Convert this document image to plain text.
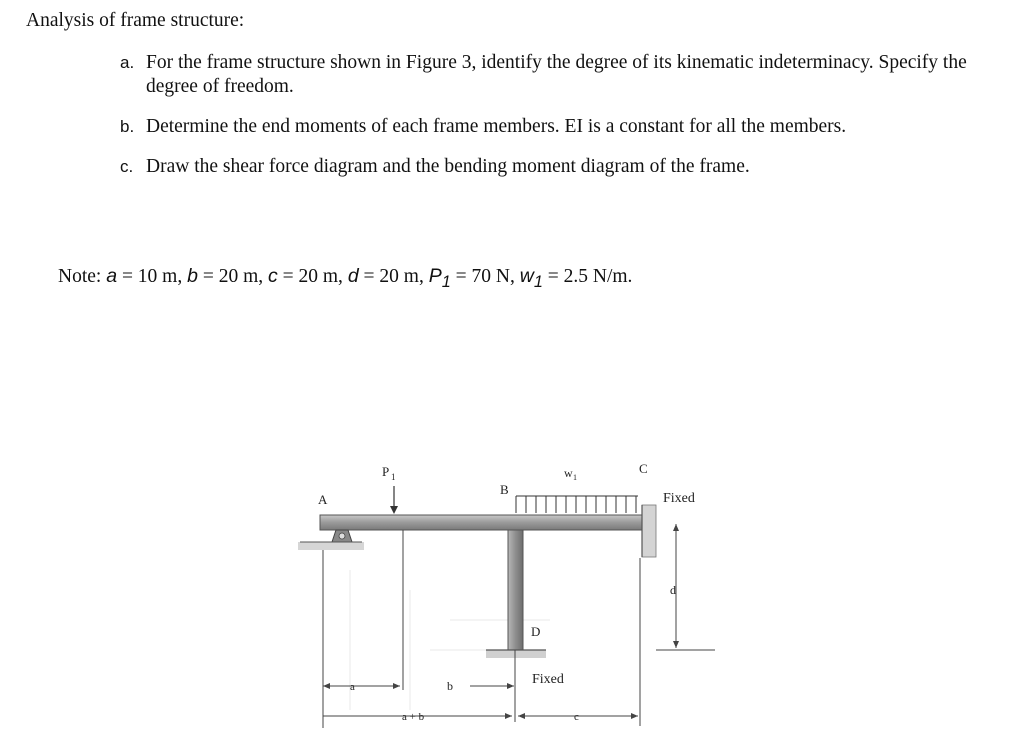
Analysis of frame structure:
a. For the frame structure shown in Figure 3, identify the degree of its kinematic indeterminacy. Specify the degree of freedom.
b. Determine the end moments of each frame members. EI is a constant for all the members.
c. Draw the shear force diagram and the bending moment diagram of the frame.
Note: a = 10 m, b = 20 m, c = 20 m, d = 20 m, $P_1 = 70$ N, $w_1 = 2.5$ N/m.
A
B
C
D
P 1	w 1
Fixed
Fixed
a	b
d
c
a + b
